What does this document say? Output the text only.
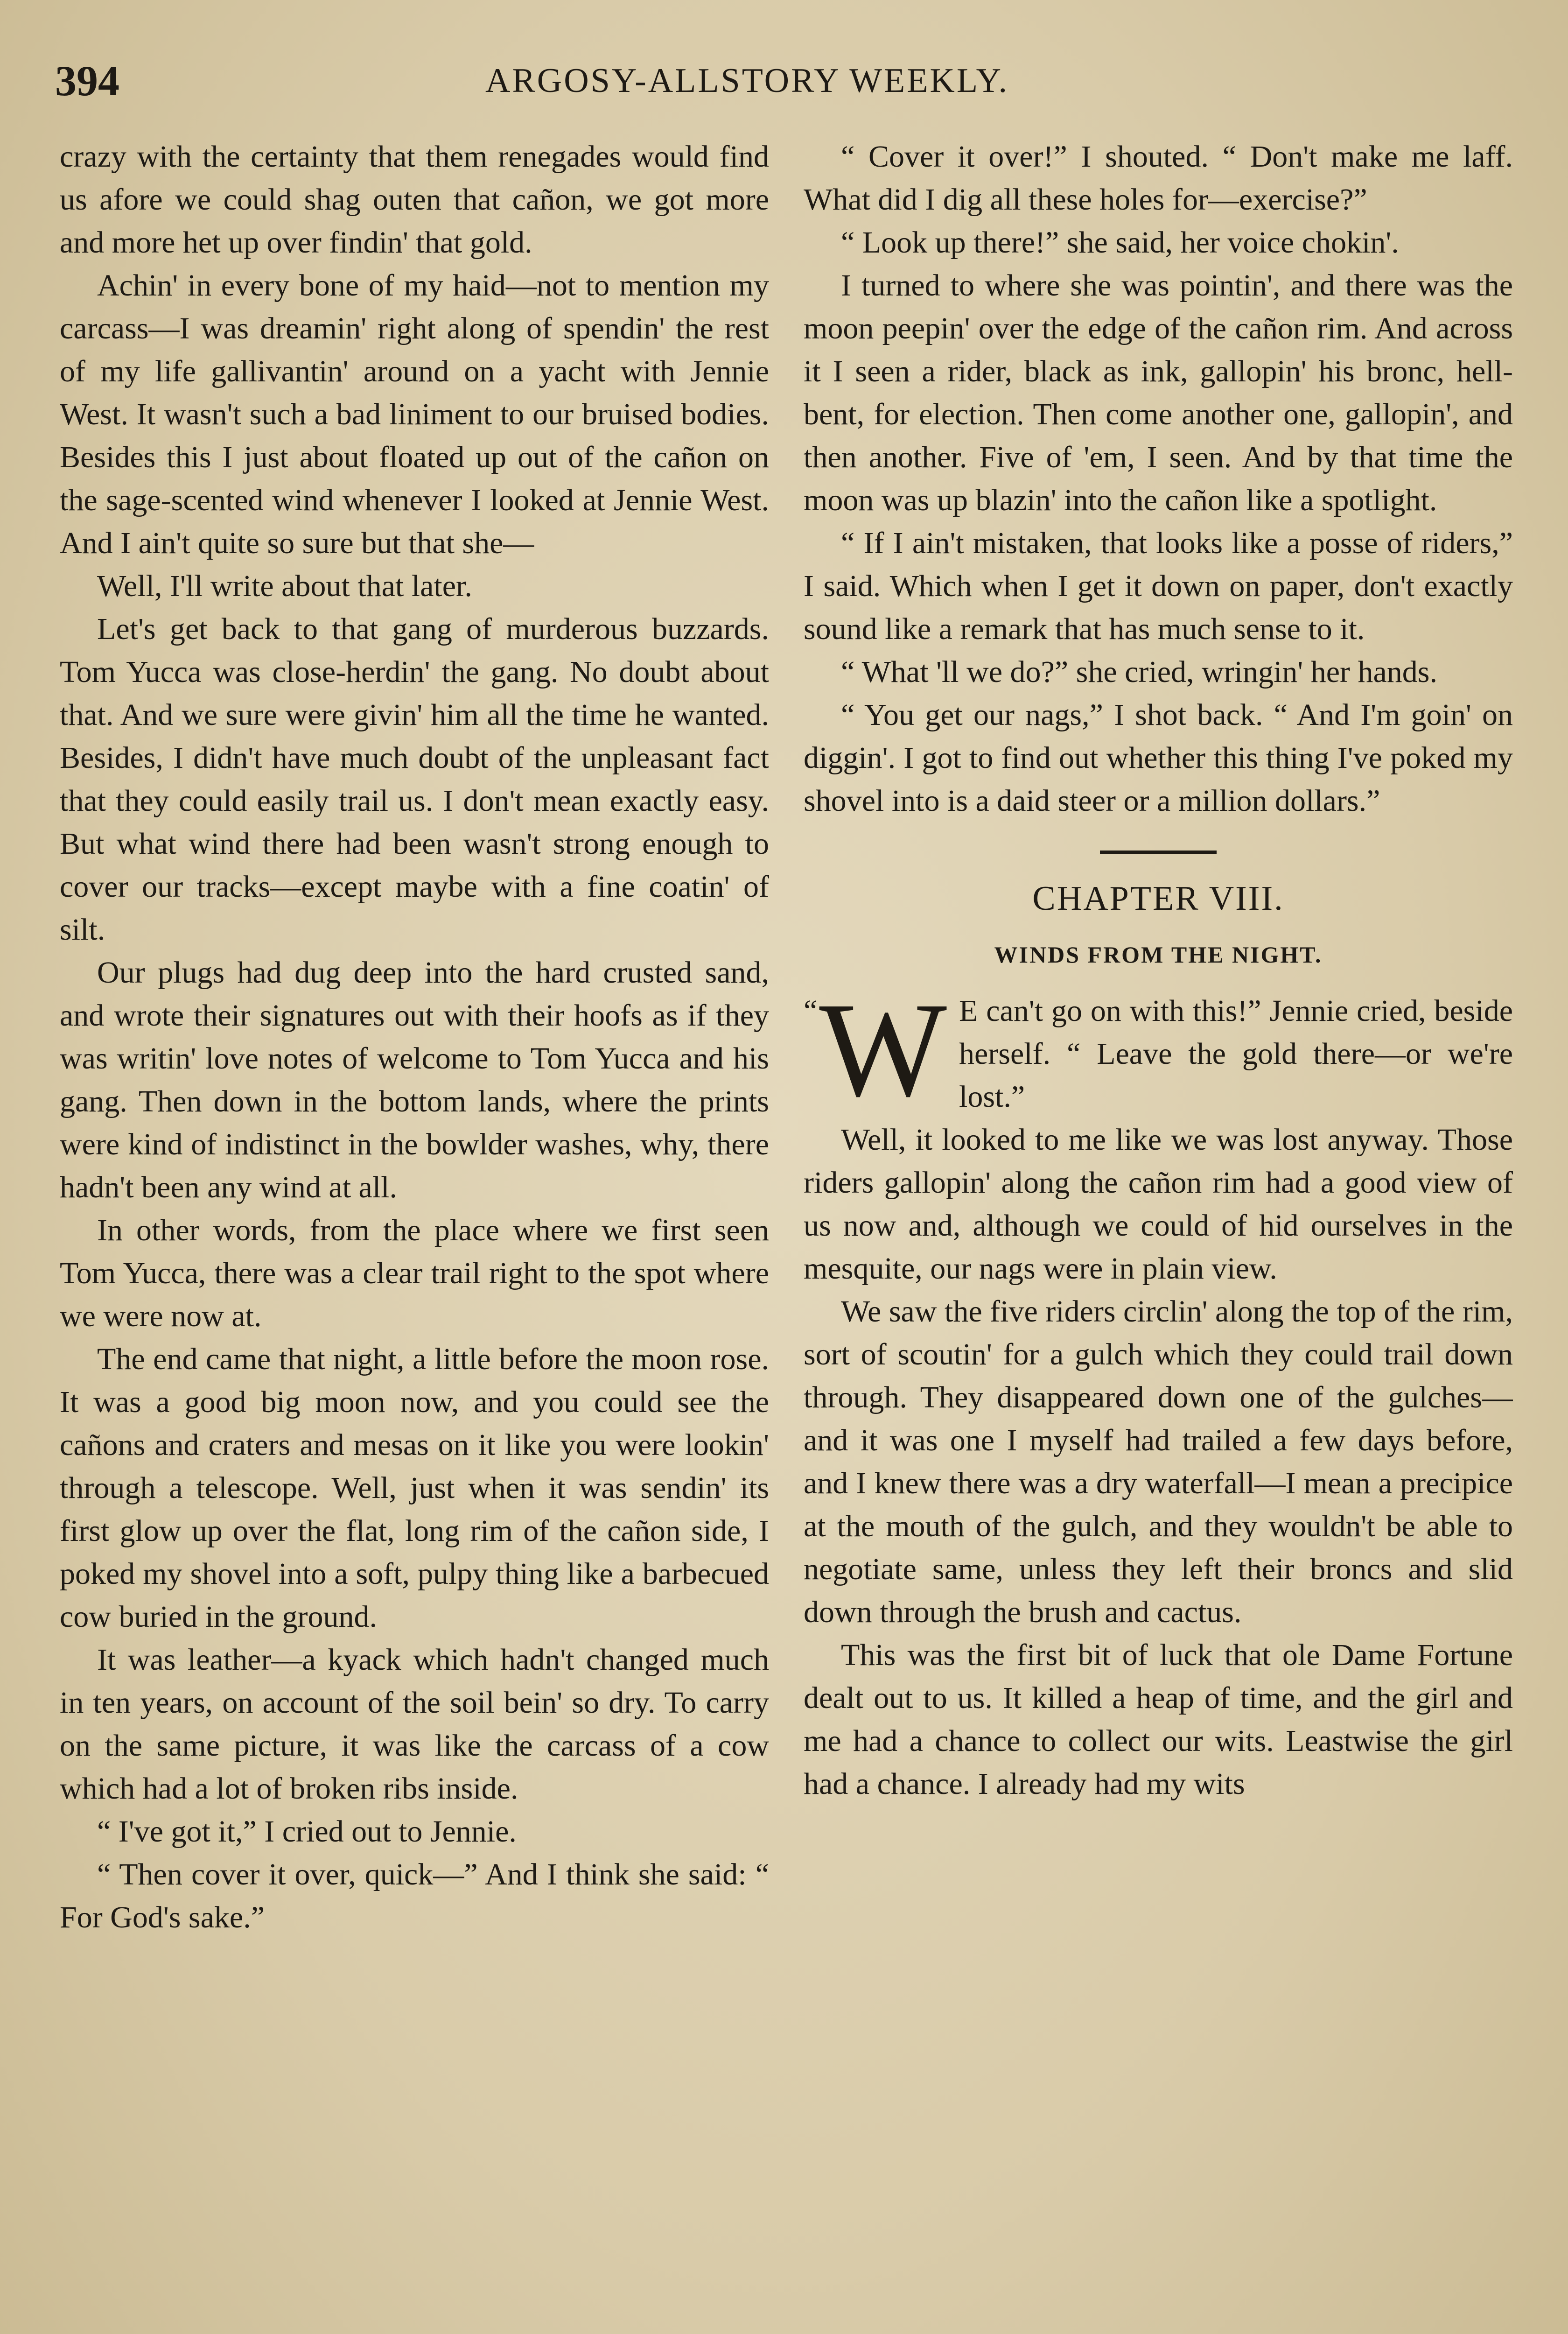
394	ARGOSY-ALLSTORY WEEKLY.

crazy with the certainty that them renegades would find us afore we could shag outen that cañon, we got more and more het up over findin' that gold.

Achin' in every bone of my haid—not to mention my carcass—I was dreamin' right along of spendin' the rest of my life gallivantin' around on a yacht with Jennie West. It wasn't such a bad liniment to our bruised bodies. Besides this I just about floated up out of the cañon on the sage-scented wind whenever I looked at Jennie West. And I ain't quite so sure but that she—

Well, I'll write about that later.

Let's get back to that gang of murderous buzzards. Tom Yucca was close-herdin' the gang. No doubt about that. And we sure were givin' him all the time he wanted. Besides, I didn't have much doubt of the unpleasant fact that they could easily trail us. I don't mean exactly easy. But what wind there had been wasn't strong enough to cover our tracks—except maybe with a fine coatin' of silt.

Our plugs had dug deep into the hard crusted sand, and wrote their signatures out with their hoofs as if they was writin' love notes of welcome to Tom Yucca and his gang. Then down in the bottom lands, where the prints were kind of indistinct in the bowlder washes, why, there hadn't been any wind at all.

In other words, from the place where we first seen Tom Yucca, there was a clear trail right to the spot where we were now at.

The end came that night, a little before the moon rose. It was a good big moon now, and you could see the cañons and craters and mesas on it like you were lookin' through a telescope. Well, just when it was sendin' its first glow up over the flat, long rim of the cañon side, I poked my shovel into a soft, pulpy thing like a barbecued cow buried in the ground.

It was leather—a kyack which hadn't changed much in ten years, on account of the soil bein' so dry. To carry on the same picture, it was like the carcass of a cow which had a lot of broken ribs inside.

“ I've got it,” I cried out to Jennie.

“ Then cover it over, quick—” And I think she said: “ For God's sake.”

“ Cover it over!” I shouted. “ Don't make me laff. What did I dig all these holes for—exercise?”

“ Look up there!” she said, her voice chokin'.

I turned to where she was pointin', and there was the moon peepin' over the edge of the cañon rim. And across it I seen a rider, black as ink, gallopin' his bronc, hell-bent, for election. Then come another one, gallopin', and then another. Five of 'em, I seen. And by that time the moon was up blazin' into the cañon like a spotlight.

“ If I ain't mistaken, that looks like a posse of riders,” I said. Which when I get it down on paper, don't exactly sound like a remark that has much sense to it.

“ What 'll we do?” she cried, wringin' her hands.

“ You get our nags,” I shot back. “ And I'm goin' on diggin'. I got to find out whether this thing I've poked my shovel into is a daid steer or a million dollars.”

CHAPTER VIII.
WINDS FROM THE NIGHT.

“ W E can't go on with this!” Jennie cried, beside herself. “ Leave the gold there—or we're lost.”

Well, it looked to me like we was lost anyway. Those riders gallopin' along the cañon rim had a good view of us now and, although we could of hid ourselves in the mesquite, our nags were in plain view.

We saw the five riders circlin' along the top of the rim, sort of scoutin' for a gulch which they could trail down through. They disappeared down one of the gulches—and it was one I myself had trailed a few days before, and I knew there was a dry waterfall—I mean a precipice at the mouth of the gulch, and they wouldn't be able to negotiate same, unless they left their broncs and slid down through the brush and cactus.

This was the first bit of luck that ole Dame Fortune dealt out to us. It killed a heap of time, and the girl and me had a chance to collect our wits. Leastwise the girl had a chance. I already had my wits
